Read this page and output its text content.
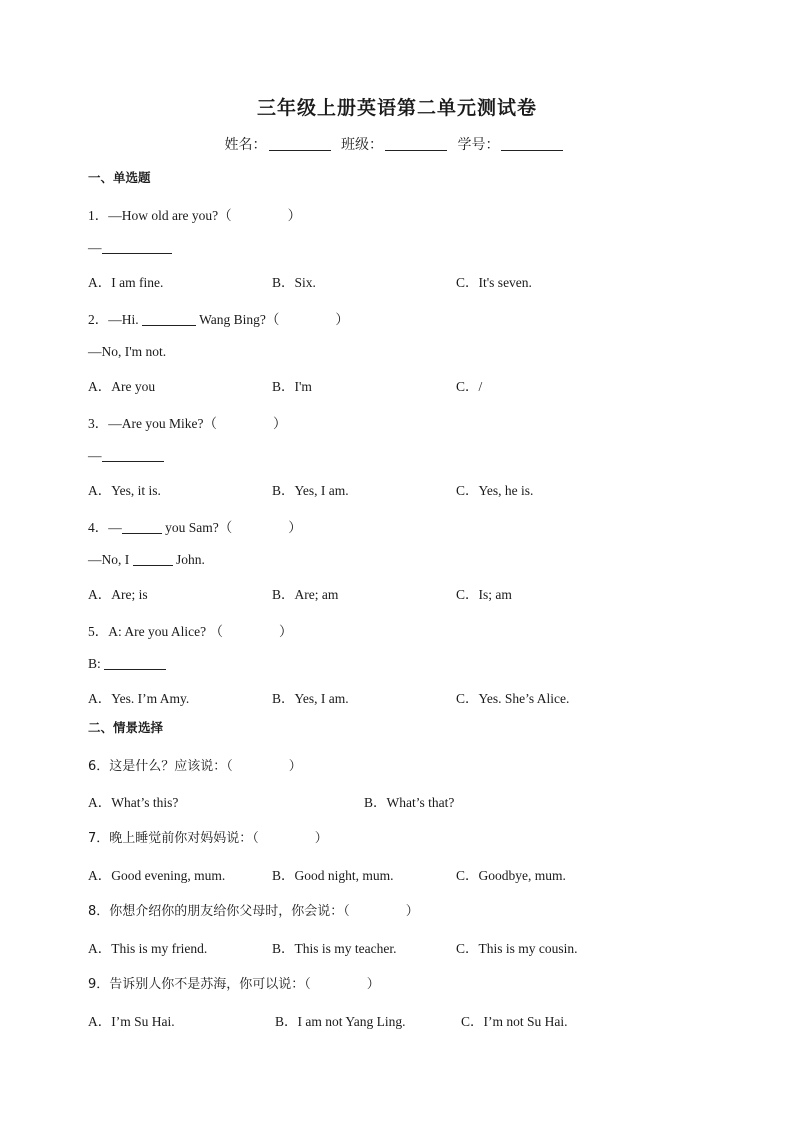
三年级上册英语第二单元测试卷
姓名：	班级：	学号：
一、单选题
1．—How old are you?（	）
—
A．I am fine.	B．Six.	C．It's seven.
2．—Hi.	Wang Bing?（	）
—No, I'm not.
A．Are you	B．I'm	C．/
3．—Are you Mike?（	）
—
A．Yes, it is.	B．Yes, I am.	C．Yes, he is.
4．—	you Sam?（	）
—No, I	John.
A．Are; is	B．Are; am	C．Is; am
5．A: Are you Alice? （	）
B:
A．Yes. I’m Amy.	B．Yes, I am.	C．Yes. She’s Alice.
二、情景选择
6．这是什么？应该说：（	）
A．What’s this?	B．What’s that?
7．晚上睡觉前你对妈妈说：（	）
A．Good evening, mum.	B．Good night, mum.	C．Goodbye, mum.
8．你想介绍你的朋友给你父母时，你会说：（	）
A．This is my friend.	B．This is my teacher.	C．This is my cousin.
9．告诉别人你不是苏海，你可以说：（	）
A．I’m Su Hai.	B．I am not Yang Ling.	C．I’m not Su Hai.
